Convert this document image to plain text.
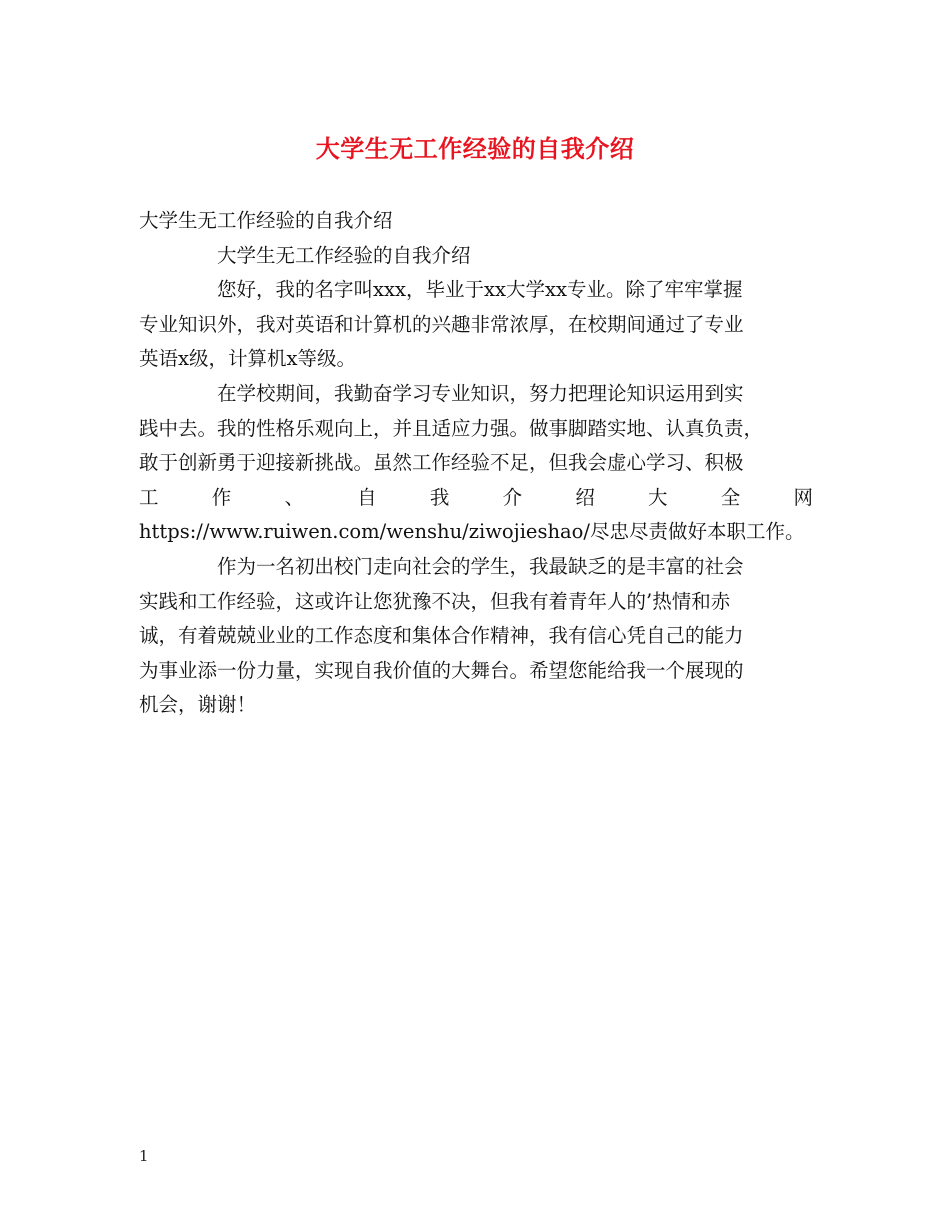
大学生无工作经验的自我介绍
大学生无工作经验的自我介绍
大学生无工作经验的自我介绍
您好，我的名字叫xxx，毕业于xx大学xx专业。除了牢牢掌握
专业知识外，我对英语和计算机的兴趣非常浓厚，在校期间通过了专业
英语x级，计算机x等级。
在学校期间，我勤奋学习专业知识，努力把理论知识运用到实
践中去。我的性格乐观向上，并且适应力强。做事脚踏实地、认真负责，
敢于创新勇于迎接新挑战。虽然工作经验不足，但我会虚心学习、积极
工	作	、	自	我	介	绍	大	全	网
https://www.ruiwen.com/wenshu/ziwojieshao/尽忠尽责做好本职工作。
作为一名初出校门走向社会的学生，我最缺乏的是丰富的社会
实践和工作经验，这或许让您犹豫不决，但我有着青年人的’热情和赤
诚，有着兢兢业业的工作态度和集体合作精神，我有信心凭自己的能力
为事业添一份力量，实现自我价值的大舞台。希望您能给我一个展现的
机会，谢谢！
1
